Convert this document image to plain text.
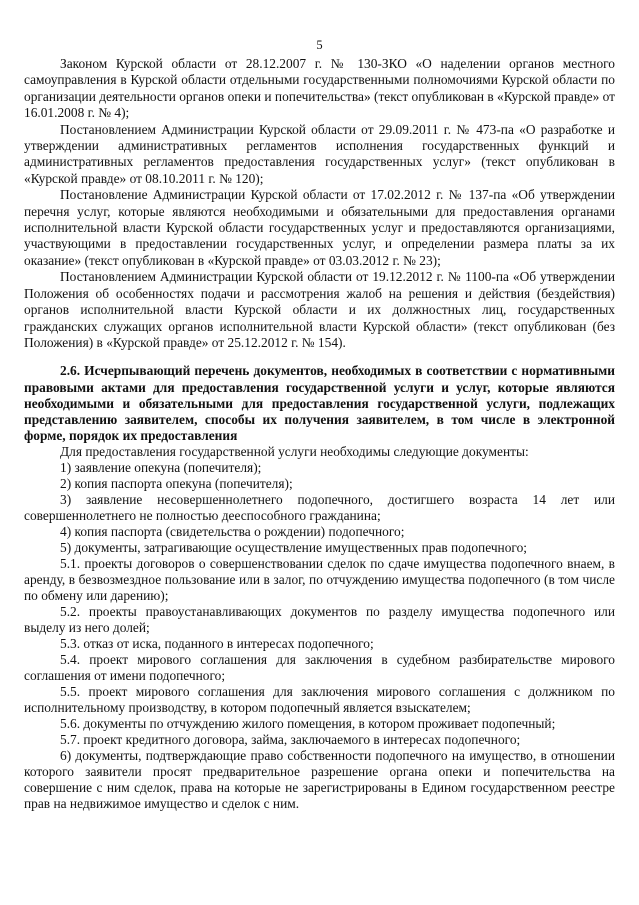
5

Законом Курской области от 28.12.2007 г. № 130-ЗКО «О наделении органов местного самоуправления в Курской области отдельными государственными полномочиями Курской области по организации деятельности органов опеки и попечительства» (текст опубликован в «Курской правде» от 16.01.2008 г. № 4);

Постановлением Администрации Курской области от 29.09.2011 г. № 473-па «О разработке и утверждении административных регламентов исполнения государственных функций и административных регламентов предоставления государственных услуг» (текст опубликован в «Курской правде» от 08.10.2011 г. № 120);

Постановление Администрации Курской области от 17.02.2012 г. № 137-па «Об утверждении перечня услуг, которые являются необходимыми и обязательными для предоставления органами исполнительной власти Курской области государственных услуг и предоставляются организациями, участвующими в предоставлении государственных услуг, и определении размера платы за их оказание» (текст опубликован в «Курской правде» от 03.03.2012 г. № 23);

Постановлением Администрации Курской области от 19.12.2012 г. № 1100-па «Об утверждении Положения об особенностях подачи и рассмотрения жалоб на решения и действия (бездействия) органов исполнительной власти Курской области и их должностных лиц, государственных гражданских служащих органов исполнительной власти Курской области» (текст опубликован (без Положения) в «Курской правде» от 25.12.2012 г. № 154).

2.6. Исчерпывающий перечень документов, необходимых в соответствии с нормативными правовыми актами для предоставления государственной услуги и услуг, которые являются необходимыми и обязательными для предоставления государственной услуги, подлежащих представлению заявителем, способы их получения заявителем, в том числе в электронной форме, порядок их предоставления

Для предоставления государственной услуги необходимы следующие документы:

1) заявление опекуна (попечителя);

2) копия паспорта опекуна (попечителя);

3) заявление несовершеннолетнего подопечного, достигшего возраста 14 лет или совершеннолетнего не полностью дееспособного гражданина;

4) копия паспорта (свидетельства о рождении) подопечного;

5) документы, затрагивающие осуществление имущественных прав подопечного;

5.1. проекты договоров о совершенствовании сделок по сдаче имущества подопечного внаем, в аренду, в безвозмездное пользование или в залог, по отчуждению имущества подопечного (в том числе по обмену или дарению);

5.2. проекты правоустанавливающих документов по разделу имущества подопечного или выделу из него долей;

5.3. отказ от иска, поданного в интересах подопечного;

5.4. проект мирового соглашения для заключения в судебном разбирательстве мирового соглашения от имени подопечного;

5.5. проект мирового соглашения для заключения мирового соглашения с должником по исполнительному производству, в котором подопечный является взыскателем;

5.6. документы по отчуждению жилого помещения, в котором проживает подопечный;

5.7. проект кредитного договора, займа, заключаемого в интересах подопечного;

6) документы, подтверждающие право собственности подопечного на имущество, в отношении которого заявители просят предварительное разрешение органа опеки и попечительства на совершение с ним сделок, права на которые не зарегистрированы в Едином государственном реестре прав на недвижимое имущество и сделок с ним.
